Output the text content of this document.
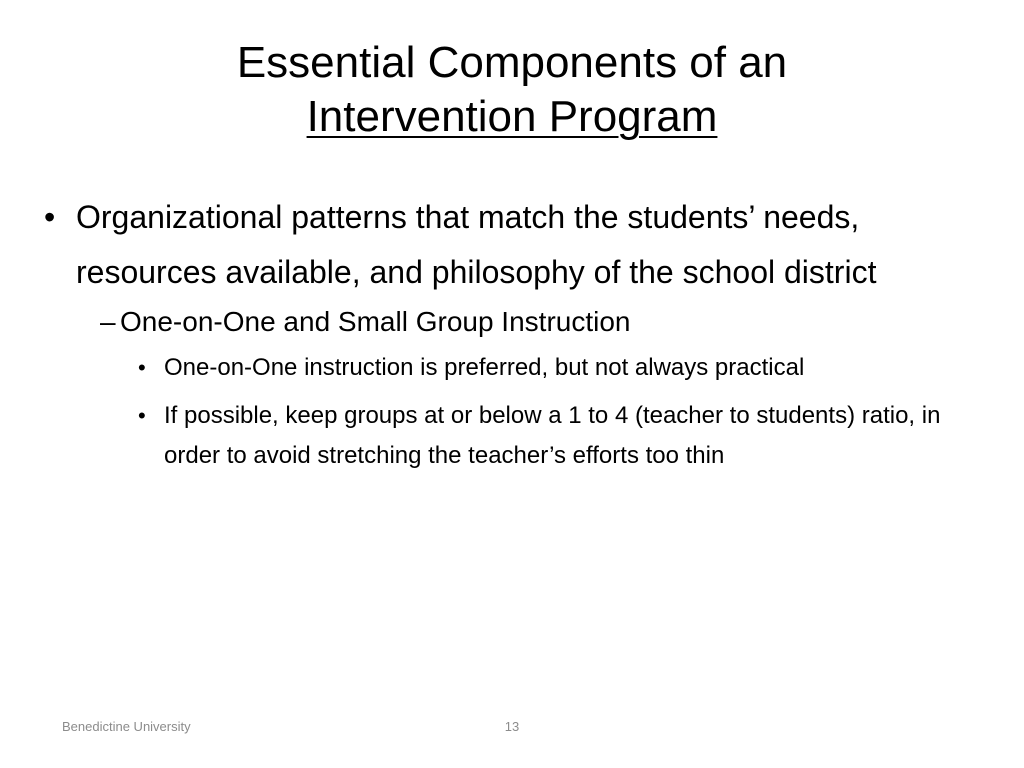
Essential Components of an
Intervention Program
• Organizational patterns that match the students’ needs, resources available, and philosophy of the school district
– One-on-One and Small Group Instruction
• One-on-One instruction is preferred, but not always practical
• If possible, keep groups at or below a 1 to 4 (teacher to students) ratio, in order to avoid stretching the teacher’s efforts too thin
Benedictine University	13
